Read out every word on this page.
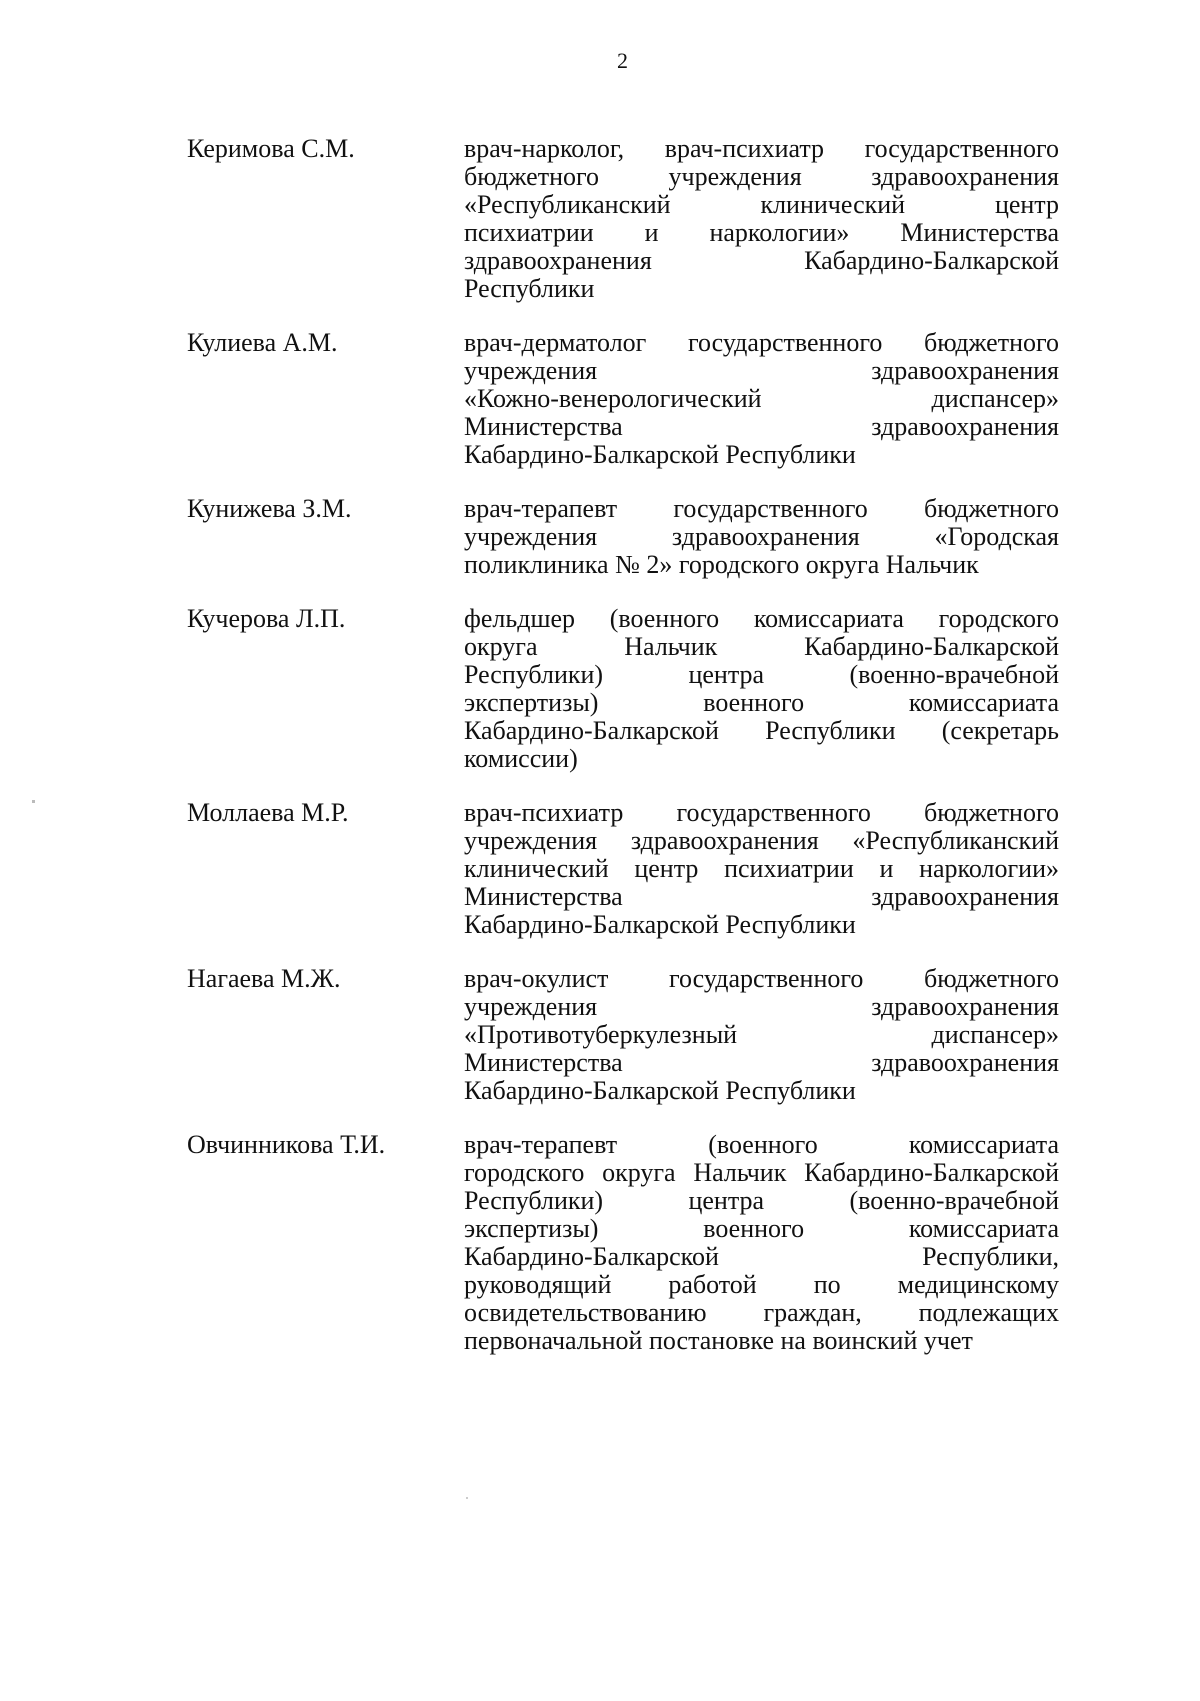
2
Керимова С.М.	врач-нарколог, врач-психиатр государственного
бюджетного учреждения здравоохранения
«Республиканский клинический центр
психиатрии и наркологии» Министерства
здравоохранения Кабардино-Балкарской
Республики
Кулиева А.М.	врач-дерматолог государственного бюджетного
учреждения здравоохранения
«Кожно-венерологический диспансер»
Министерства здравоохранения
Кабардино-Балкарской Республики
Кунижева З.М.	врач-терапевт государственного бюджетного
учреждения здравоохранения «Городская
поликлиника № 2» городского округа Нальчик
Кучерова Л.П.	фельдшер (военного комиссариата городского
округа Нальчик Кабардино-Балкарской
Республики) центра (военно-врачебной
экспертизы) военного комиссариата
Кабардино-Балкарской Республики (секретарь
комиссии)
Моллаева М.Р.	врач-психиатр государственного бюджетного
учреждения здравоохранения «Республиканский
клинический центр психиатрии и наркологии»
Министерства здравоохранения
Кабардино-Балкарской Республики
Нагаева М.Ж.	врач-окулист государственного бюджетного
учреждения здравоохранения
«Противотуберкулезный диспансер»
Министерства здравоохранения
Кабардино-Балкарской Республики
Овчинникова Т.И.	врач-терапевт (военного комиссариата
городского округа Нальчик Кабардино-Балкарской
Республики) центра (военно-врачебной
экспертизы) военного комиссариата
Кабардино-Балкарской Республики,
руководящий работой по медицинскому
освидетельствованию граждан, подлежащих
первоначальной постановке на воинский учет
